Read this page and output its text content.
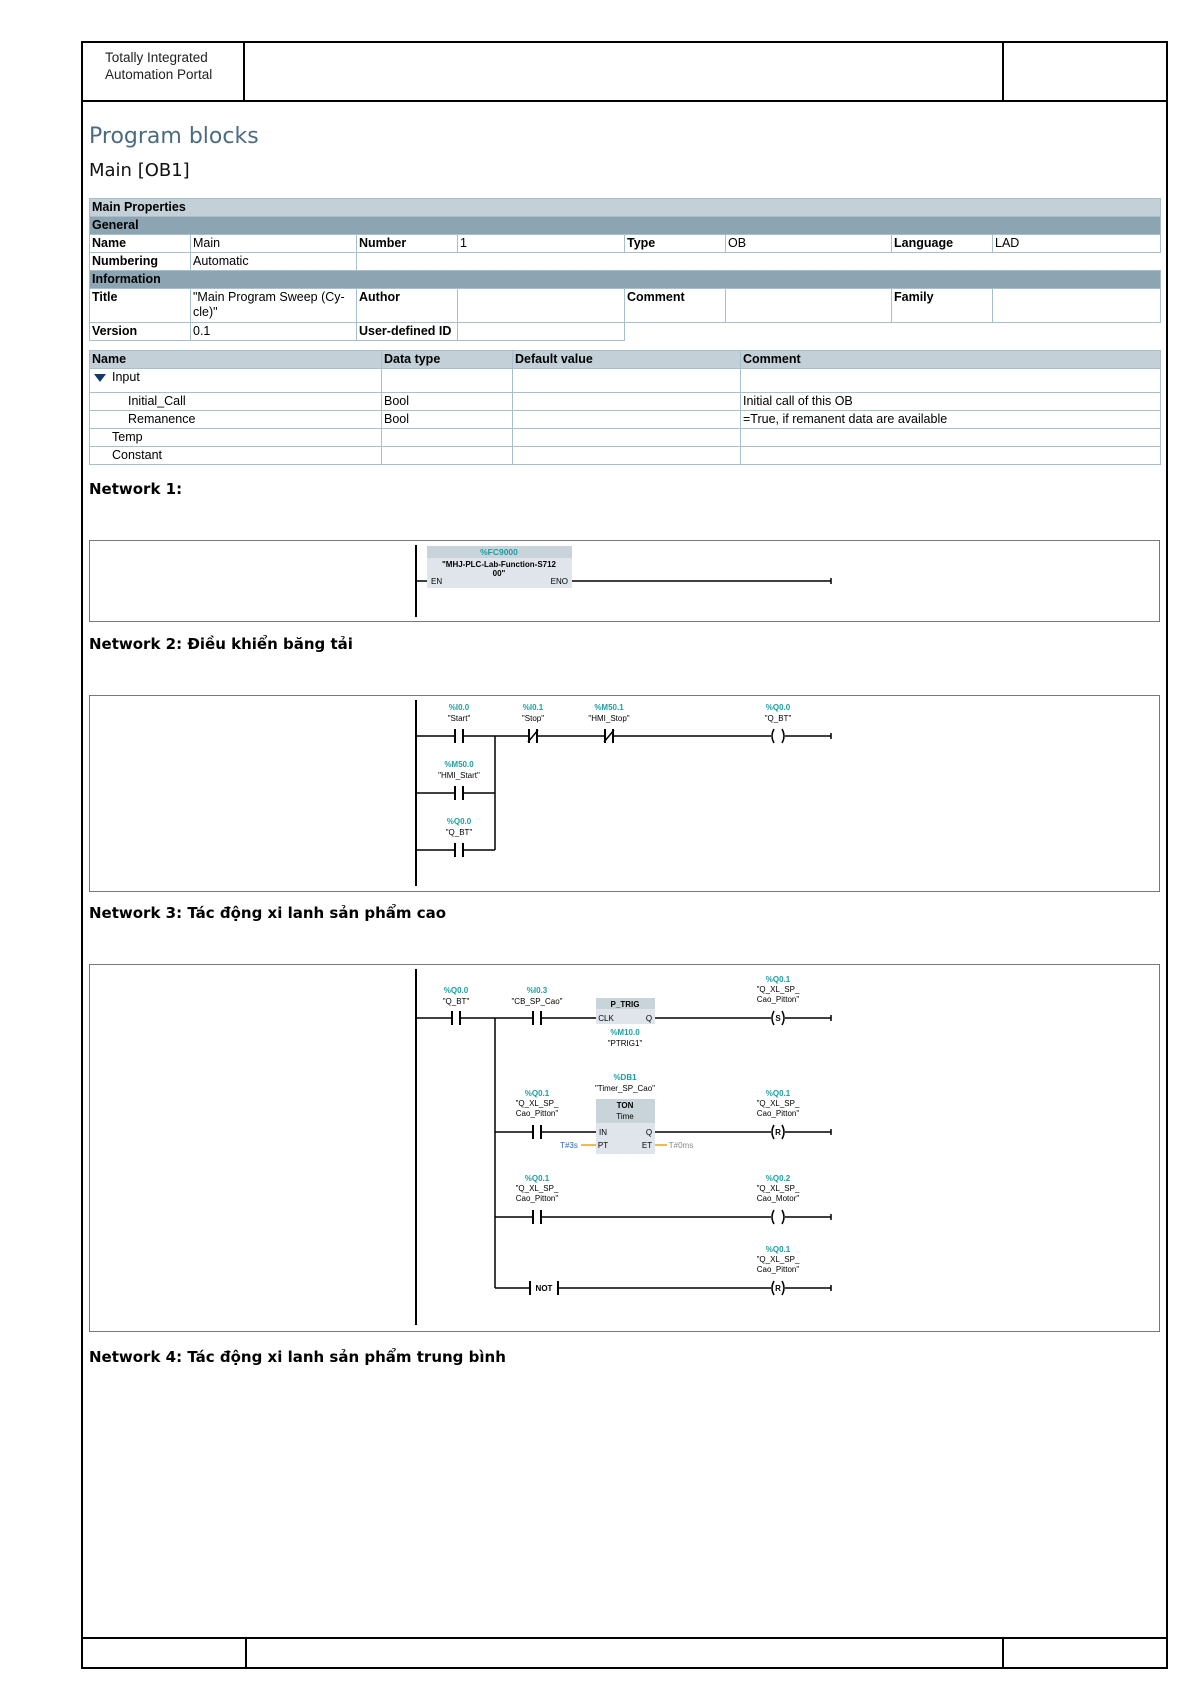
Totally Integrated
Automation Portal
Program blocks
Main [OB1]
Main Properties							
General							
Name	Main	Number	1	Type	OB	Language	LAD
Numbering	Automatic						
Information							
Title	"Main Program Sweep (Cy-
cle)"	Author		Comment		Family	
Version	0.1	User-defined ID					
Name	Data type	Default value	Comment
Input			
Initial_Call	Bool		Initial call of this OB
Remanence	Bool		=True, if remanent data are available
Temp			
Constant			
Network 1:
%FC9000
"MHJ-PLC-Lab-Function-S712
00"
EN	ENO
Network 2: Điều khiển băng tải
%I0.0
"Start"
%I0.1
"Stop"
%M50.1
"HMI_Stop"
%Q0.0
"Q_BT"
%M50.0
"HMI_Start"
%Q0.0
"Q_BT"
Network 3: Tác động xi lanh sản phẩm cao
%Q0.0
"Q_BT"
%I0.3
"CB_SP_Cao"	P_TRIG
CLK	Q
%M10.0
"PTRIG1"
%Q0.1
"Q_XL_SP_
Cao_Pitton"
S
%DB1
"Timer_SP_Cao"
TON
Time
IN	Q
PT	ET
T#3s	T#0ms
%Q0.1
"Q_XL_SP_
Cao_Pitton"
%Q0.1
"Q_XL_SP_
Cao_Pitton"
R
%Q0.1
"Q_XL_SP_
Cao_Pitton"
%Q0.2
"Q_XL_SP_
Cao_Motor"
NOT
%Q0.1
"Q_XL_SP_
Cao_Pitton"
R
Network 4: Tác động xi lanh sản phẩm trung bình
